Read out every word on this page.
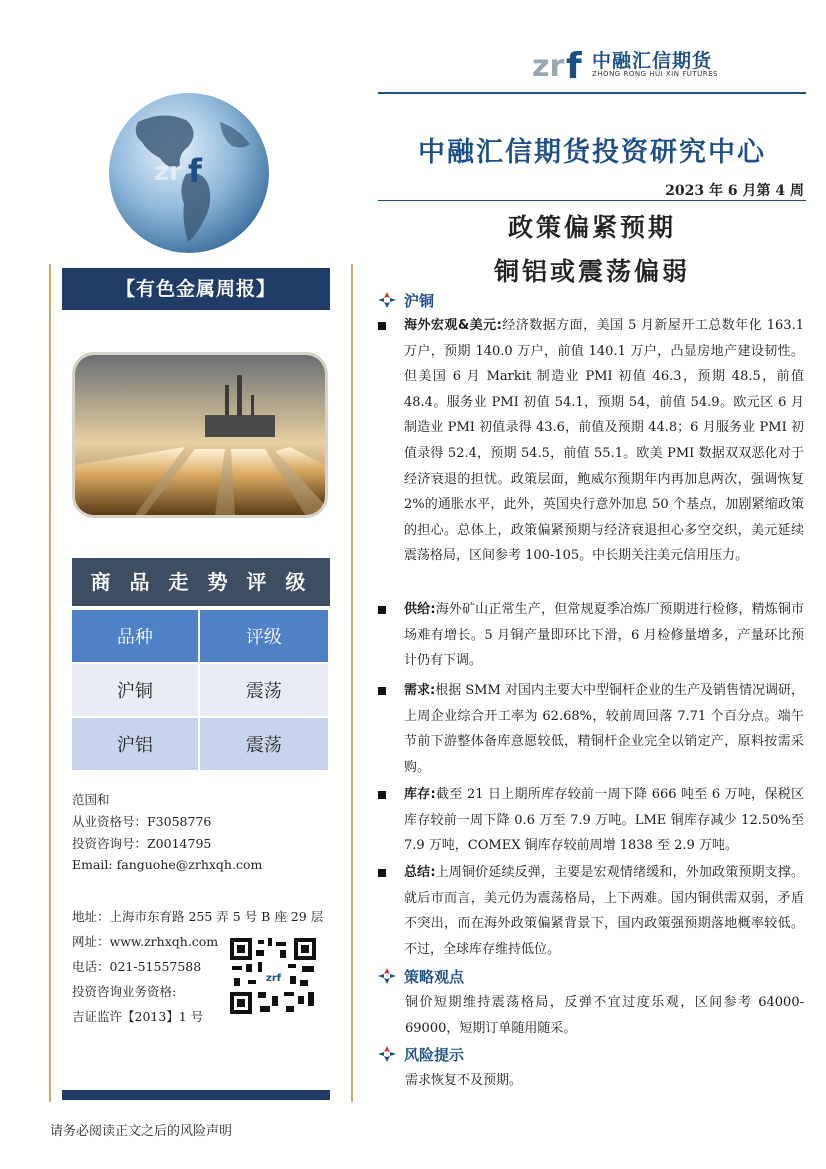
zr f 中融汇信期货
ZHONG RONG HUI XIN FUTURES
中融汇信期货投资研究中心
2023 年 6 月第 4 周
政策偏紧预期
铜铝或震荡偏弱
zr f
【有色金属周报】
商 品 走 势 评 级
品种	评级
沪铜	震荡
沪铝	震荡
范国和
从业资格号：F3058776
投资咨询号：Z0014795
Email: fanguohe@zrhxqh.com
地址：上海市东育路 255 弄 5 号 B 座 29 层
网址：www.zrhxqh.com
电话：021-51557588
投资咨询业务资格:
吉证监许【2013】1 号
zrf
请务必阅读正文之后的风险声明
沪铜
海外宏观&美元:经济数据方面，美国 5 月新屋开工总数年化 163.1 万户，预期 140.0 万户，前值 140.1 万户，凸显房地产建设韧性。但美国 6 月 Markit 制造业 PMI 初值 46.3，预期 48.5，前值 48.4。服务业 PMI 初值 54.1，预期 54，前值 54.9。欧元区 6 月制造业 PMI 初值录得 43.6，前值及预期 44.8；6 月服务业 PMI 初值录得 52.4，预期 54.5，前值 55.1。欧美 PMI 数据双双恶化对于经济衰退的担忧。政策层面，鲍威尔预期年内再加息两次，强调恢复 2%的通胀水平，此外，英国央行意外加息 50 个基点，加剧紧缩政策的担心。总体上，政策偏紧预期与经济衰退担心多空交织，美元延续震荡格局，区间参考 100-105。中长期关注美元信用压力。
供给:海外矿山正常生产，但常规夏季冶炼厂预期进行检修，精炼铜市场难有增长。5 月铜产量即环比下滑，6 月检修量增多，产量环比预计仍有下调。
需求:根据 SMM 对国内主要大中型铜杆企业的生产及销售情况调研，上周企业综合开工率为 62.68%，较前周回落 7.71 个百分点。端午节前下游整体备库意愿较低，精铜杆企业完全以销定产，原料按需采购。
库存:截至 21 日上期所库存较前一周下降 666 吨至 6 万吨，保税区库存较前一周下降 0.6 万至 7.9 万吨。LME 铜库存减少 12.50%至 7.9 万吨，COMEX 铜库存较前周增 1838 至 2.9 万吨。
总结:上周铜价延续反弹，主要是宏观情绪缓和，外加政策预期支撑。就后市而言，美元仍为震荡格局，上下两难。国内铜供需双弱，矛盾不突出，而在海外政策偏紧背景下，国内政策强预期落地概率较低。不过，全球库存维持低位。
策略观点
铜价短期维持震荡格局，反弹不宜过度乐观，区间参考 64000-69000，短期订单随用随采。
风险提示
需求恢复不及预期。
